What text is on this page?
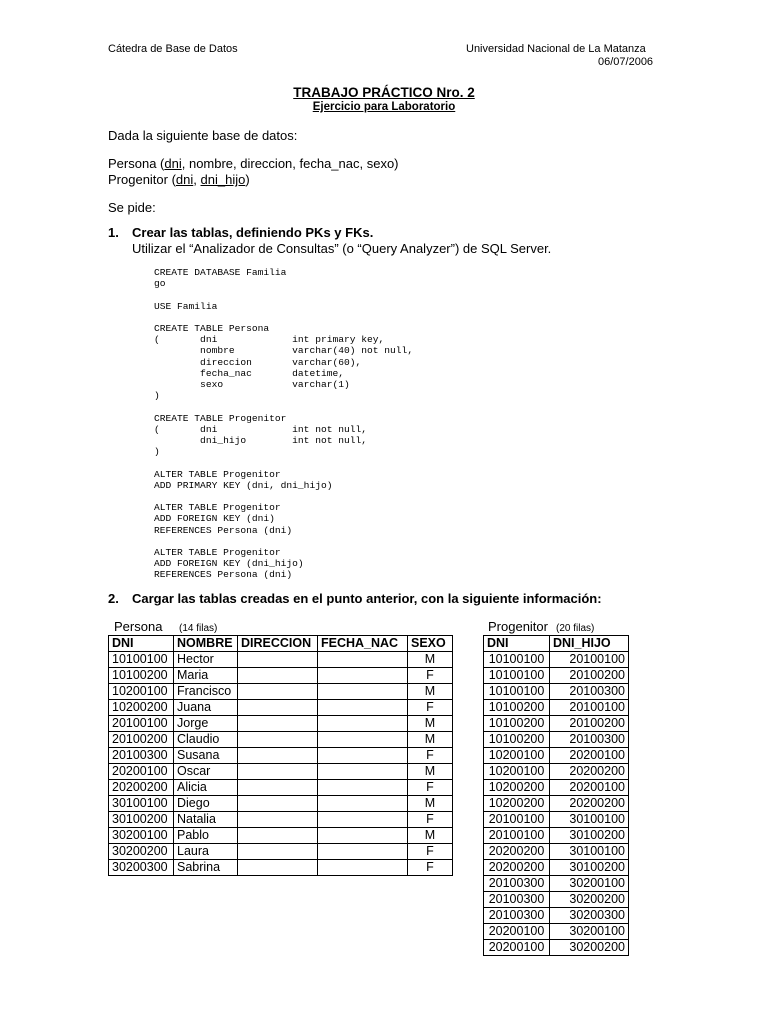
Cátedra de Base de Datos	Universidad Nacional de La Matanza
06/07/2006
TRABAJO PRÁCTICO Nro. 2
Ejercicio para Laboratorio
Dada la siguiente base de datos:
Persona (dni, nombre, direccion, fecha_nac, sexo)
Progenitor (dni, dni_hijo)
Se pide:
1. Crear las tablas, definiendo PKs y FKs.
Utilizar el “Analizador de Consultas” (o “Query Analyzer”) de SQL Server.
CREATE DATABASE Familia
go

USE Familia

CREATE TABLE Persona
(       dni             int primary key,
nombre          varchar(40) not null,
direccion       varchar(60),
fecha_nac       datetime,
sexo            varchar(1)
)

CREATE TABLE Progenitor
(       dni             int not null,
dni_hijo        int not null,
)

ALTER TABLE Progenitor
ADD PRIMARY KEY (dni, dni_hijo)

ALTER TABLE Progenitor
ADD FOREIGN KEY (dni)
REFERENCES Persona (dni)

ALTER TABLE Progenitor
ADD FOREIGN KEY (dni_hijo)
REFERENCES Persona (dni)
2. Cargar las tablas creadas en el punto anterior, con la siguiente información:
Persona (14 filas)
DNI	NOMBRE	DIRECCION	FECHA_NAC	SEXO
10100100	Hector			M
10100200	Maria			F
10200100	Francisco			M
10200200	Juana			F
20100100	Jorge			M
20100200	Claudio			M
20100300	Susana			F
20200100	Oscar			M
20200200	Alicia			F
30100100	Diego			M
30100200	Natalia			F
30200100	Pablo			M
30200200	Laura			F
30200300	Sabrina			F
Progenitor (20 filas)
DNI	DNI_HIJO
10100100	20100100
10100100	20100200
10100100	20100300
10100200	20100100
10100200	20100200
10100200	20100300
10200100	20200100
10200100	20200200
10200200	20200100
10200200	20200200
20100100	30100100
20100100	30100200
20200200	30100100
20200200	30100200
20100300	30200100
20100300	30200200
20100300	30200300
20200100	30200100
20200100	30200200
